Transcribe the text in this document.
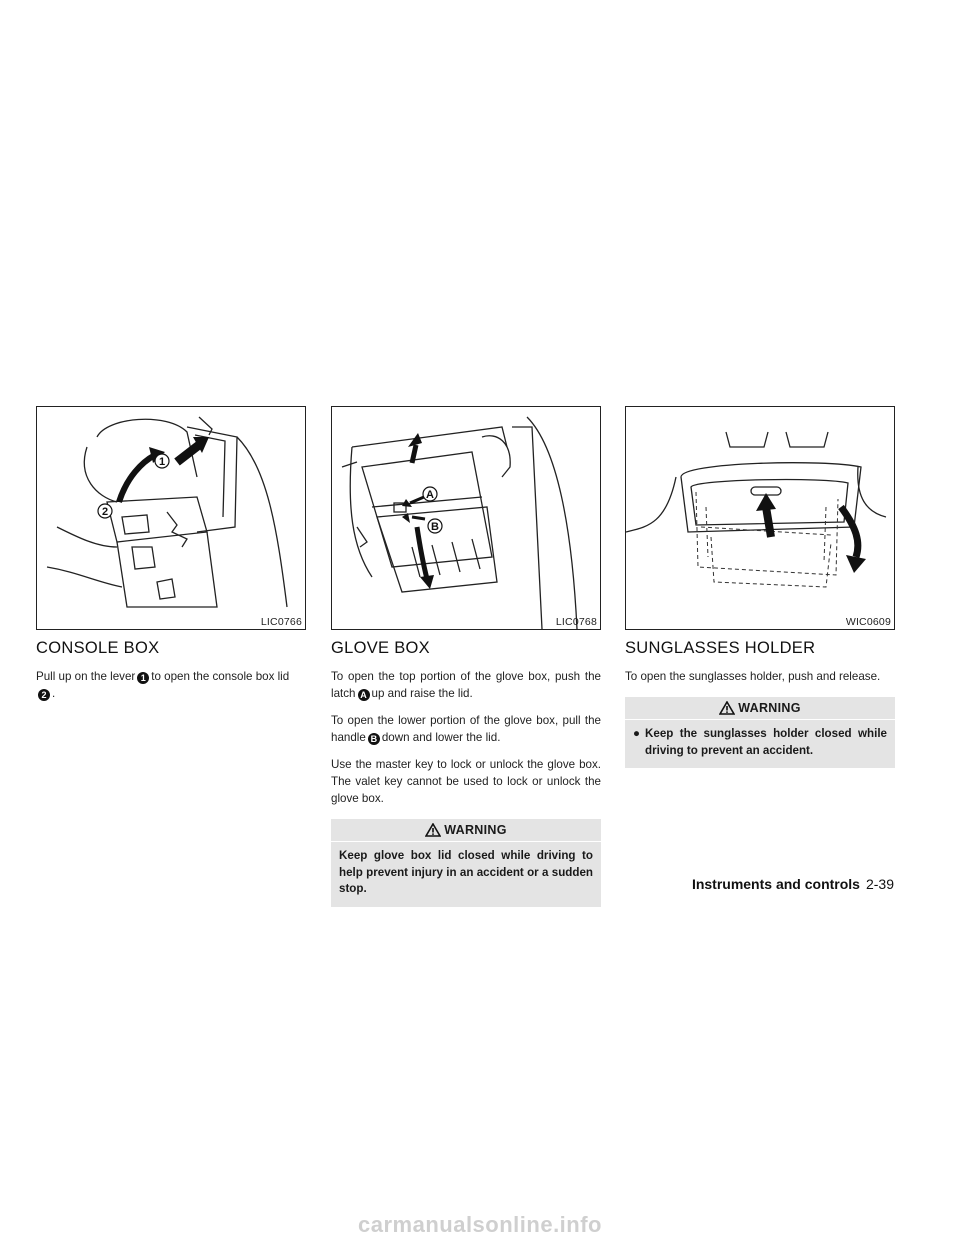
1
2
LIC0766
CONSOLE BOX

Pull up on the lever 1 to open the console box lid
2 .

A
B
LIC0768
GLOVE BOX

To open the top portion of the glove box, push the latch A up and raise the lid.

To open the lower portion of the glove box, pull the handle B down and lower the lid.

Use the master key to lock or unlock the glove box. The valet key cannot be used to lock or unlock the glove box.

WARNING
Keep glove box lid closed while driving to help prevent injury in an accident or a sudden stop.
WIC0609
SUNGLASSES HOLDER

To open the sunglasses holder, push and release.

WARNING
● Keep the sunglasses holder closed while driving to prevent an accident.
Instruments and controls 2-39
carmanualsonline.info
